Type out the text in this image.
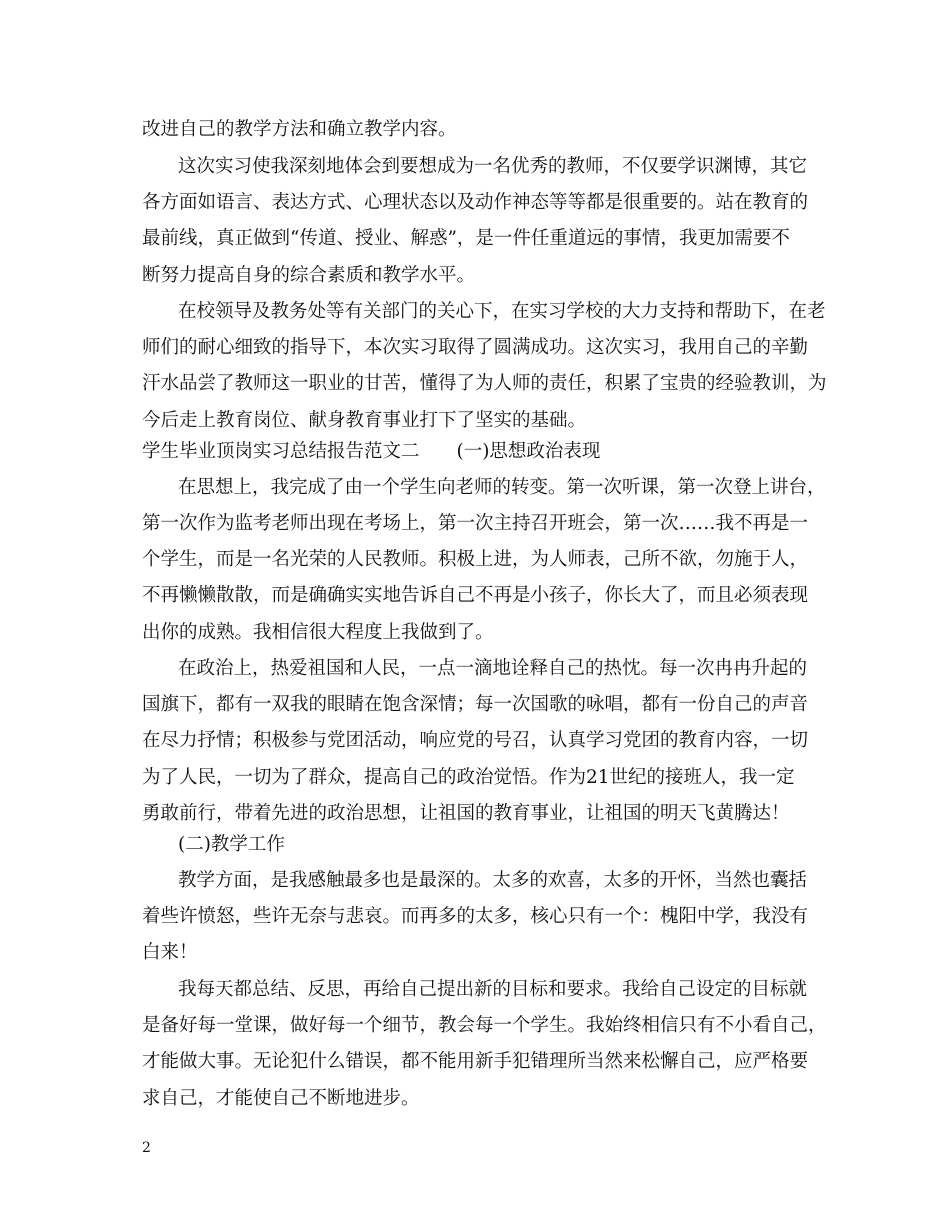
改进自己的教学方法和确立教学内容。
这次实习使我深刻地体会到要想成为一名优秀的教师，不仅要学识渊博，其它
各方面如语言、表达方式、心理状态以及动作神态等等都是很重要的。站在教育的
最前线，真正做到“传道、授业、解惑”，是一件任重道远的事情，我更加需要不
断努力提高自身的综合素质和教学水平。
在校领导及教务处等有关部门的关心下，在实习学校的大力支持和帮助下，在老
师们的耐心细致的指导下，本次实习取得了圆满成功。这次实习，我用自己的辛勤
汗水品尝了教师这一职业的甘苦，懂得了为人师的责任，积累了宝贵的经验教训，为
今后走上教育岗位、献身教育事业打下了坚实的基础。
学生毕业顶岗实习总结报告范文二　　(一)思想政治表现
在思想上，我完成了由一个学生向老师的转变。第一次听课，第一次登上讲台，
第一次作为监考老师出现在考场上，第一次主持召开班会，第一次……我不再是一
个学生，而是一名光荣的人民教师。积极上进，为人师表，己所不欲，勿施于人，
不再懒懒散散，而是确确实实地告诉自己不再是小孩子，你长大了，而且必须表现
出你的成熟。我相信很大程度上我做到了。
在政治上，热爱祖国和人民，一点一滴地诠释自己的热忱。每一次冉冉升起的
国旗下，都有一双我的眼睛在饱含深情；每一次国歌的咏唱，都有一份自己的声音
在尽力抒情；积极参与党团活动，响应党的号召，认真学习党团的教育内容，一切
为了人民，一切为了群众，提高自己的政治觉悟。作为21世纪的接班人，我一定
勇敢前行，带着先进的政治思想，让祖国的教育事业，让祖国的明天飞黄腾达！
(二)教学工作
教学方面，是我感触最多也是最深的。太多的欢喜，太多的开怀，当然也囊括
着些许愤怒，些许无奈与悲哀。而再多的太多，核心只有一个：槐阳中学，我没有
白来！
我每天都总结、反思，再给自己提出新的目标和要求。我给自己设定的目标就
是备好每一堂课，做好每一个细节，教会每一个学生。我始终相信只有不小看自己，
才能做大事。无论犯什么错误，都不能用新手犯错理所当然来松懈自己，应严格要
求自己，才能使自己不断地进步。
2
